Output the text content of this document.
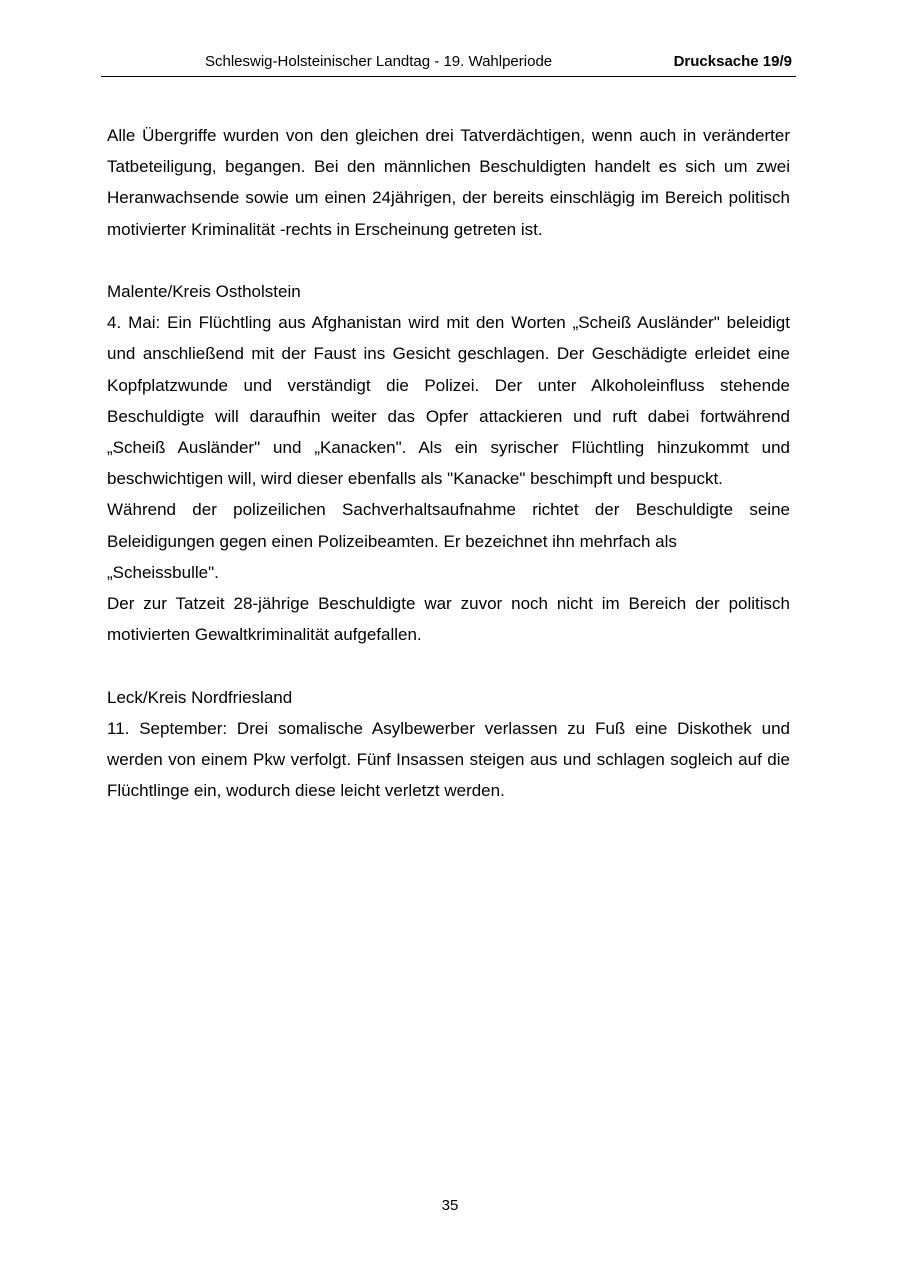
Schleswig-Holsteinischer Landtag - 19. Wahlperiode	Drucksache 19/9

Alle Übergriffe wurden von den gleichen drei Tatverdächtigen, wenn auch in veränderter Tatbeteiligung, begangen. Bei den männlichen Beschuldigten handelt es sich um zwei Heranwachsende sowie um einen 24jährigen, der bereits einschlägig im Bereich politisch motivierter Kriminalität -rechts in Erscheinung getreten ist.

Malente/Kreis Ostholstein

4. Mai: Ein Flüchtling aus Afghanistan wird mit den Worten „Scheiß Ausländer" beleidigt und anschließend mit der Faust ins Gesicht geschlagen. Der Geschädigte erleidet eine Kopfplatzwunde und verständigt die Polizei. Der unter Alkoholeinfluss stehende Beschuldigte will daraufhin weiter das Opfer attackieren und ruft dabei fortwährend „Scheiß Ausländer" und „Kanacken". Als ein syrischer Flüchtling hinzukommt und beschwichtigen will, wird dieser ebenfalls als "Kanacke" beschimpft und bespuckt.

Während der polizeilichen Sachverhaltsaufnahme richtet der Beschuldigte seine Beleidigungen gegen einen Polizeibeamten. Er bezeichnet ihn mehrfach als

„Scheissbulle".

Der zur Tatzeit 28-jährige Beschuldigte war zuvor noch nicht im Bereich der politisch motivierten Gewaltkriminalität aufgefallen.

Leck/Kreis Nordfriesland

11. September: Drei somalische Asylbewerber verlassen zu Fuß eine Diskothek und werden von einem Pkw verfolgt. Fünf Insassen steigen aus und schlagen sogleich auf die Flüchtlinge ein, wodurch diese leicht verletzt werden.

35
